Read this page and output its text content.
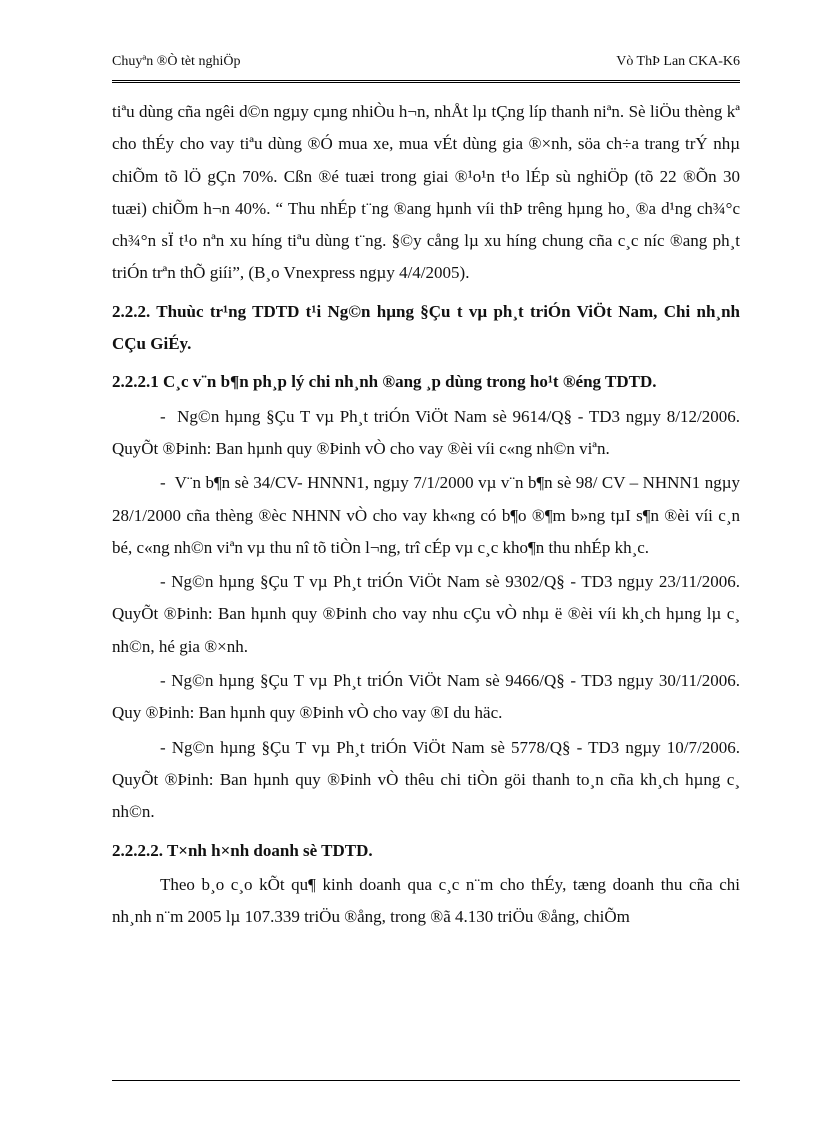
Chuyªn ®Ò tèt nghiÖp	Vò ThÞ Lan CKA-K6

tiªu dùng cña ngêi d©n ngµy cµng nhiÒu h¬n, nhÅt lµ tÇng líp thanh niªn. Sè liÖu thèng kª cho thÉy cho vay tiªu dùng ®Ó mua xe, mua vÉt dùng gia ®×nh, söa ch÷a trang trÝ nhµ chiÕm tõ lÖ gÇn 70%. Cßn ®é tuæi trong giai ®¹o¹n t¹o lÉp sù nghiÖp (tõ 22 ®Õn 30 tuæi) chiÕm h¬n 40%. “ Thu nhÉp t¨ng ®ang hµnh víi thÞ trêng hµng ho¸ ®a d¹ng ch¾°c ch¾°n sÏ t¹o nªn xu híng tiªu dùng t¨ng. §©y cång lµ xu híng chung cña c¸c níc ®ang ph¸t triÓn trªn thÕ giíi”, (B¸o Vnexpress ngµy 4/4/2005).

2.2.2. Thuùc tr¹ng TDTD t¹i Ng©n hµng §Çu t vµ ph¸t triÓn ViÖt Nam, Chi nh¸nh CÇu GiÉy.

2.2.2.1 C¸c v¨n b¶n ph¸p lý chi nh¸nh ®ang ¸p dùng trong ho¹t ®éng TDTD.

-  Ng©n hµng §Çu T vµ Ph¸t triÓn ViÖt Nam sè 9614/Q§ - TD3 ngµy 8/12/2006. QuyÕt ®Þinh: Ban hµnh quy ®Þinh vÒ cho vay ®èi víi c«ng nh©n viªn.

-  V¨n b¶n sè 34/CV- HNNN1, ngµy 7/1/2000 vµ v¨n b¶n sè 98/ CV – NHNN1 ngµy 28/1/2000 cña thèng ®èc NHNN vÒ cho vay kh«ng có b¶o ®¶m b»ng tµI s¶n ®èi víi c¸n bé, c«ng nh©n viªn vµ thu nî tõ tiÒn l¬ng, trî cÉp vµ c¸c kho¶n thu nhÉp kh¸c.

- Ng©n hµng §Çu T vµ Ph¸t triÓn ViÖt Nam sè 9302/Q§ - TD3 ngµy 23/11/2006. QuyÕt ®Þinh: Ban hµnh quy ®Þinh cho vay nhu cÇu vÒ nhµ ë ®èi víi kh¸ch hµng lµ c¸ nh©n, hé gia ®×nh.

- Ng©n hµng §Çu T vµ Ph¸t triÓn ViÖt Nam sè 9466/Q§ - TD3 ngµy 30/11/2006. Quy ®Þinh: Ban hµnh quy ®Þinh vÒ cho vay ®I du häc.

- Ng©n hµng §Çu T vµ Ph¸t triÓn ViÖt Nam sè 5778/Q§ - TD3 ngµy 10/7/2006. QuyÕt ®Þinh: Ban hµnh quy ®Þinh vÒ thêu chi tiÒn göi thanh to¸n cña kh¸ch hµng c¸ nh©n.

2.2.2.2. T×nh h×nh doanh sè TDTD.

Theo b¸o c¸o kÕt qu¶ kinh doanh qua c¸c n¨m cho thÉy, tæng doanh thu cña chi nh¸nh n¨m 2005 lµ 107.339 triÖu ®ång, trong ®ã 4.130 triÖu ®ång, chiÕm
